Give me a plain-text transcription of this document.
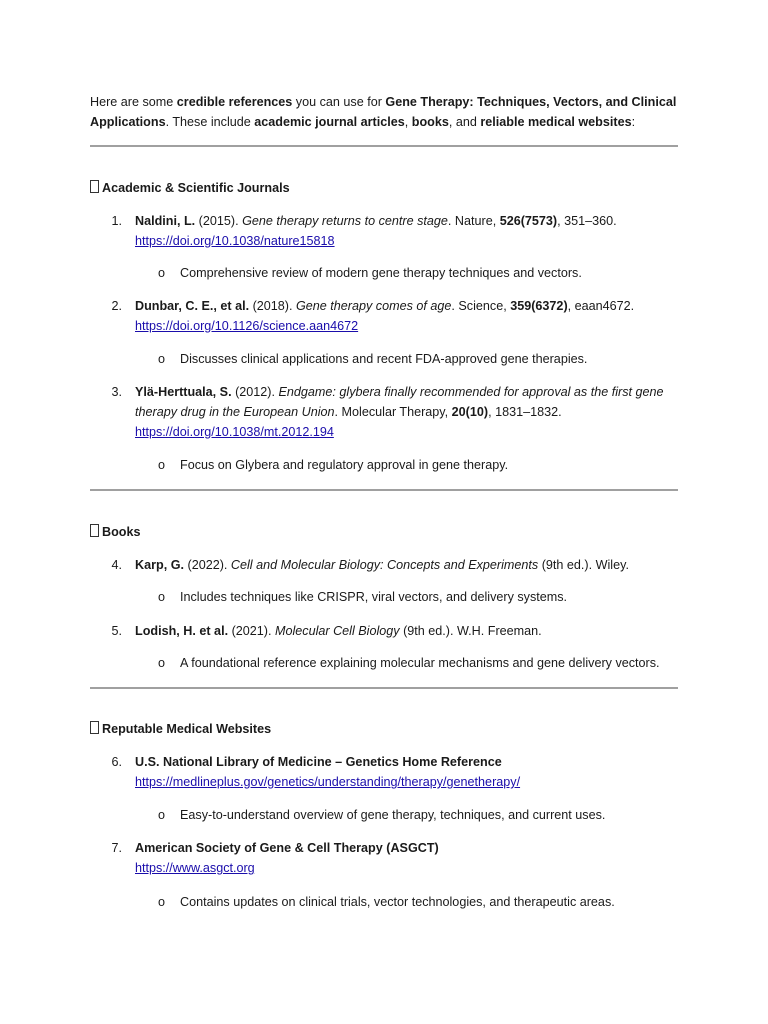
Here are some credible references you can use for Gene Therapy: Techniques, Vectors, and Clinical Applications. These include academic journal articles, books, and reliable medical websites:
Academic & Scientific Journals
1. Naldini, L. (2015). Gene therapy returns to centre stage. Nature, 526(7573), 351–360.
https://doi.org/10.1038/nature15818
o Comprehensive review of modern gene therapy techniques and vectors.
2. Dunbar, C. E., et al. (2018). Gene therapy comes of age. Science, 359(6372), eaan4672.
https://doi.org/10.1126/science.aan4672
o Discusses clinical applications and recent FDA-approved gene therapies.
3. Ylä-Herttuala, S. (2012). Endgame: glybera finally recommended for approval as the first gene therapy drug in the European Union. Molecular Therapy, 20(10), 1831–1832.
https://doi.org/10.1038/mt.2012.194
o Focus on Glybera and regulatory approval in gene therapy.
Books
4. Karp, G. (2022). Cell and Molecular Biology: Concepts and Experiments (9th ed.). Wiley.
o Includes techniques like CRISPR, viral vectors, and delivery systems.
5. Lodish, H. et al. (2021). Molecular Cell Biology (9th ed.). W.H. Freeman.
o A foundational reference explaining molecular mechanisms and gene delivery vectors.
Reputable Medical Websites
6. U.S. National Library of Medicine – Genetics Home Reference
https://medlineplus.gov/genetics/understanding/therapy/genetherapy/
o Easy-to-understand overview of gene therapy, techniques, and current uses.
7. American Society of Gene & Cell Therapy (ASGCT)
https://www.asgct.org
o Contains updates on clinical trials, vector technologies, and therapeutic areas.
